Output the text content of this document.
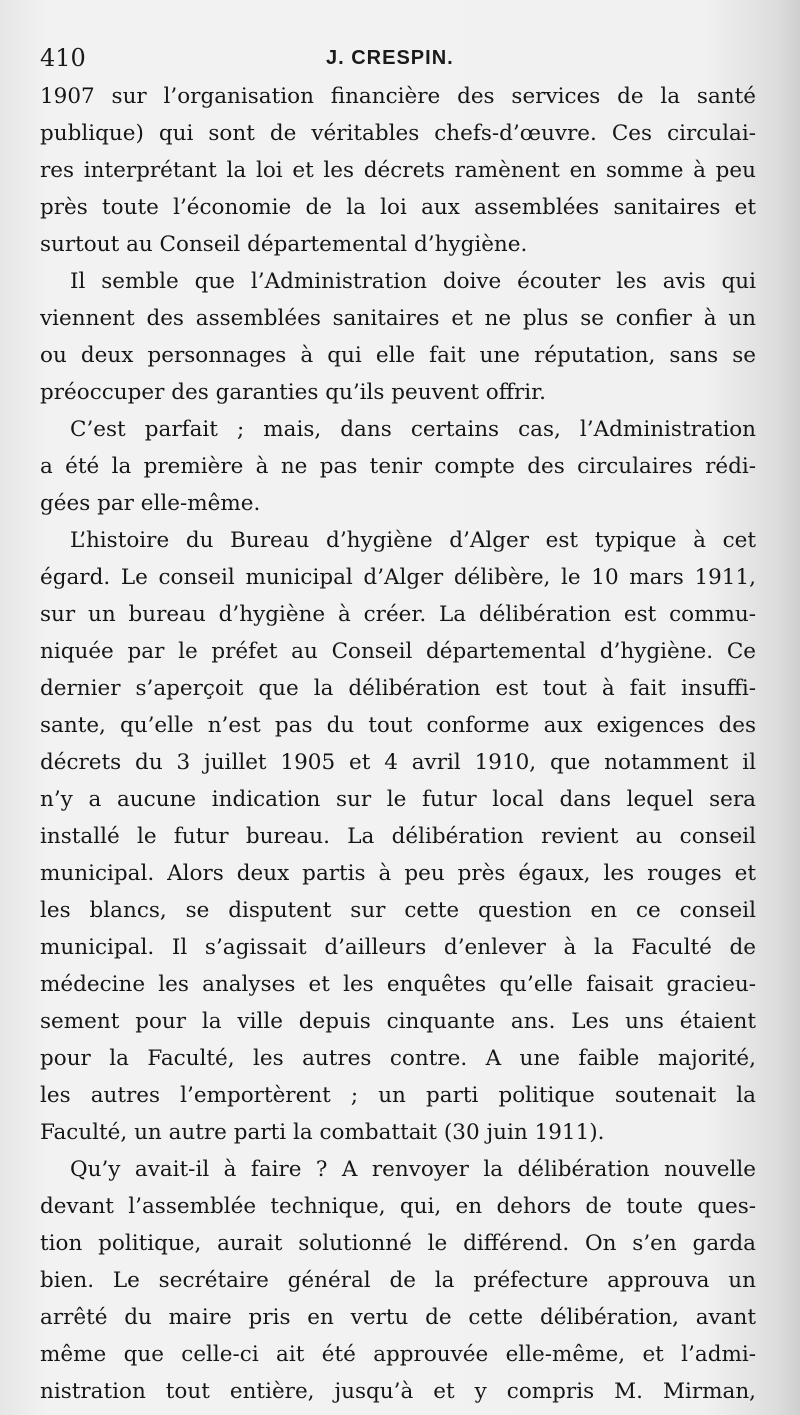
410	J. CRESPIN.
1907 sur l’organisation financière des services de la santé
publique) qui sont de véritables chefs-d’œuvre. Ces circulai-
res interprétant la loi et les décrets ramènent en somme à peu
près toute l’économie de la loi aux assemblées sanitaires et
surtout au Conseil départemental d’hygiène.
Il semble que l’Administration doive écouter les avis qui
viennent des assemblées sanitaires et ne plus se confier à un
ou deux personnages à qui elle fait une réputation, sans se
préoccuper des garanties qu’ils peuvent offrir.
C’est parfait ; mais, dans certains cas, l’Administration
a été la première à ne pas tenir compte des circulaires rédi-
gées par elle-même.
L’histoire du Bureau d’hygiène d’Alger est typique à cet
égard. Le conseil municipal d’Alger délibère, le 10 mars 1911,
sur un bureau d’hygiène à créer. La délibération est commu-
niquée par le préfet au Conseil départemental d’hygiène. Ce
dernier s’aperçoit que la délibération est tout à fait insuffi-
sante, qu’elle n’est pas du tout conforme aux exigences des
décrets du 3 juillet 1905 et 4 avril 1910, que notamment il
n’y a aucune indication sur le futur local dans lequel sera
installé le futur bureau. La délibération revient au conseil
municipal. Alors deux partis à peu près égaux, les rouges et
les blancs, se disputent sur cette question en ce conseil
municipal. Il s’agissait d’ailleurs d’enlever à la Faculté de
médecine les analyses et les enquêtes qu’elle faisait gracieu-
sement pour la ville depuis cinquante ans. Les uns étaient
pour la Faculté, les autres contre. A une faible majorité,
les autres l’emportèrent ; un parti politique soutenait la
Faculté, un autre parti la combattait (30 juin 1911).
Qu’y avait-il à faire ? A renvoyer la délibération nouvelle
devant l’assemblée technique, qui, en dehors de toute ques-
tion politique, aurait solutionné le différend. On s’en garda
bien. Le secrétaire général de la préfecture approuva un
arrêté du maire pris en vertu de cette délibération, avant
même que celle-ci ait été approuvée elle-même, et l’admi-
nistration tout entière, jusqu’à et y compris M. Mirman,
